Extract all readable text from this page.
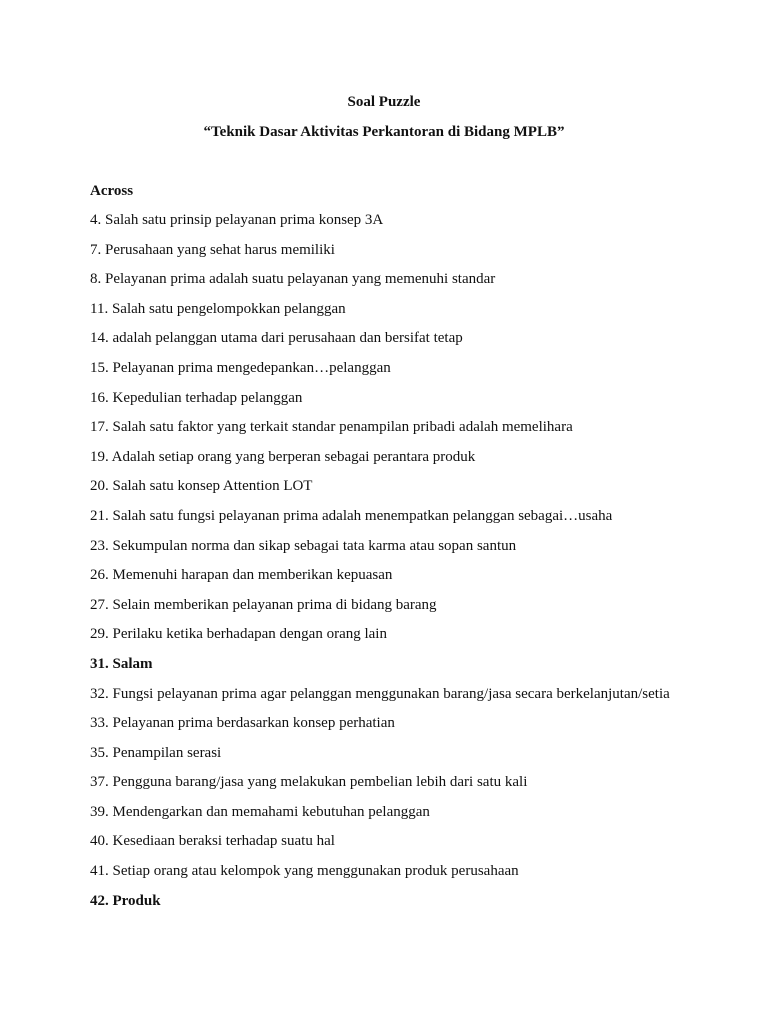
Soal Puzzle
“Teknik Dasar Aktivitas Perkantoran di Bidang MPLB”
Across
4. Salah satu prinsip pelayanan prima konsep 3A
7. Perusahaan yang sehat harus memiliki
8. Pelayanan prima adalah suatu pelayanan yang memenuhi standar
11. Salah satu pengelompokkan pelanggan
14. adalah pelanggan utama dari perusahaan dan bersifat tetap
15. Pelayanan prima mengedepankan…pelanggan
16. Kepedulian terhadap pelanggan
17. Salah satu faktor yang terkait standar penampilan pribadi adalah memelihara
19. Adalah setiap orang yang berperan sebagai perantara produk
20. Salah satu konsep Attention LOT
21. Salah satu fungsi pelayanan prima adalah menempatkan pelanggan sebagai…usaha
23. Sekumpulan norma dan sikap sebagai tata karma atau sopan santun
26. Memenuhi harapan dan memberikan kepuasan
27. Selain memberikan pelayanan prima di bidang barang
29. Perilaku ketika berhadapan dengan orang lain
31. Salam
32. Fungsi pelayanan prima agar pelanggan menggunakan barang/jasa secara berkelanjutan/setia
33. Pelayanan prima berdasarkan konsep perhatian
35. Penampilan serasi
37. Pengguna barang/jasa yang melakukan pembelian lebih dari satu kali
39. Mendengarkan dan memahami kebutuhan pelanggan
40. Kesediaan beraksi terhadap suatu hal
41. Setiap orang atau kelompok yang menggunakan produk perusahaan
42. Produk
